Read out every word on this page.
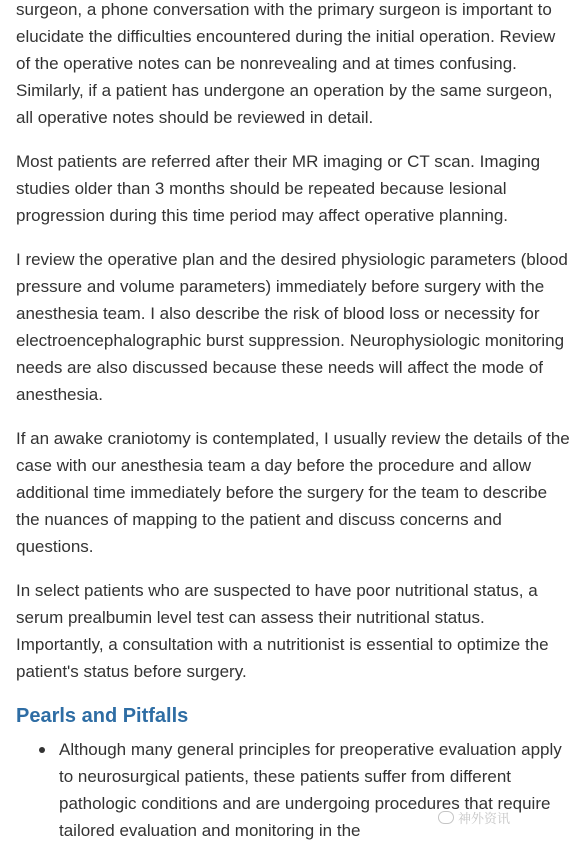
surgeon, a phone conversation with the primary surgeon is important to elucidate the difficulties encountered during the initial operation. Review of the operative notes can be nonrevealing and at times confusing. Similarly, if a patient has undergone an operation by the same surgeon, all operative notes should be reviewed in detail.

Most patients are referred after their MR imaging or CT scan. Imaging studies older than 3 months should be repeated because lesional progression during this time period may affect operative planning.

I review the operative plan and the desired physiologic parameters (blood pressure and volume parameters) immediately before surgery with the anesthesia team. I also describe the risk of blood loss or necessity for electroencephalographic burst suppression. Neurophysiologic monitoring needs are also discussed because these needs will affect the mode of anesthesia.

If an awake craniotomy is contemplated, I usually review the details of the case with our anesthesia team a day before the procedure and allow additional time immediately before the surgery for the team to describe the nuances of mapping to the patient and discuss concerns and questions.

In select patients who are suspected to have poor nutritional status, a serum prealbumin level test can assess their nutritional status. Importantly, a consultation with a nutritionist is essential to optimize the patient's status before surgery.

Pearls and Pitfalls
Although many general principles for preoperative evaluation apply to neurosurgical patients, these patients suffer from different pathologic conditions and are undergoing procedures that require tailored evaluation and monitoring in the
神外资讯
